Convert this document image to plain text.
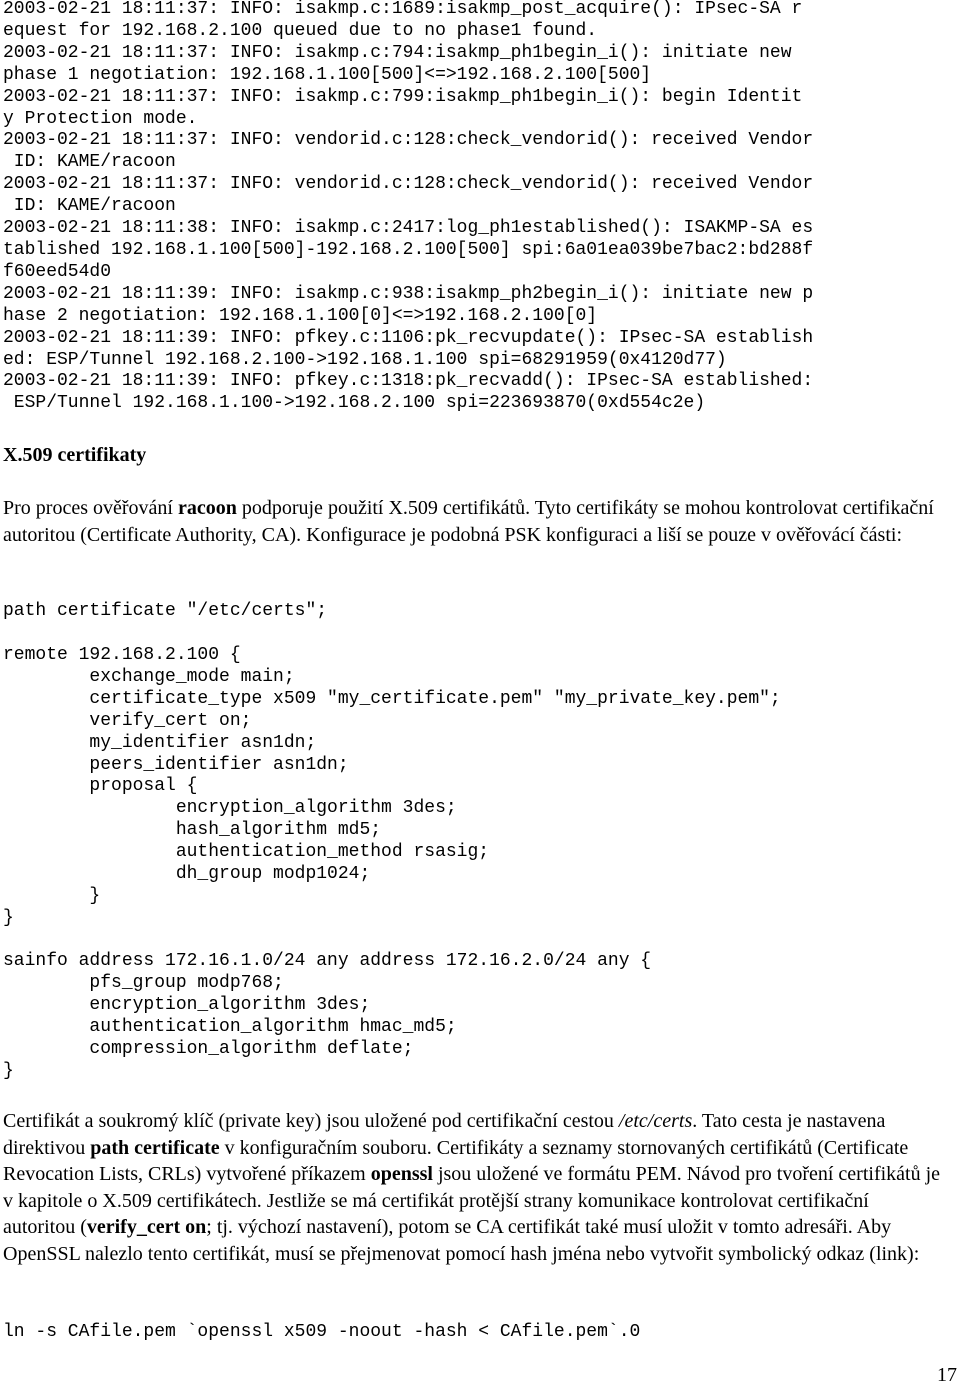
2003-02-21 18:11:37: INFO: isakmp.c:1689:isakmp_post_acquire(): IPsec-SA r
equest for 192.168.2.100 queued due to no phase1 found.
2003-02-21 18:11:37: INFO: isakmp.c:794:isakmp_ph1begin_i(): initiate new
phase 1 negotiation: 192.168.1.100[500]<=>192.168.2.100[500]
2003-02-21 18:11:37: INFO: isakmp.c:799:isakmp_ph1begin_i(): begin Identit
y Protection mode.
2003-02-21 18:11:37: INFO: vendorid.c:128:check_vendorid(): received Vendor
ID: KAME/racoon
2003-02-21 18:11:37: INFO: vendorid.c:128:check_vendorid(): received Vendor
ID: KAME/racoon
2003-02-21 18:11:38: INFO: isakmp.c:2417:log_ph1established(): ISAKMP-SA es
tablished 192.168.1.100[500]-192.168.2.100[500] spi:6a01ea039be7bac2:bd288f
f60eed54d0
2003-02-21 18:11:39: INFO: isakmp.c:938:isakmp_ph2begin_i(): initiate new p
hase 2 negotiation: 192.168.1.100[0]<=>192.168.2.100[0]
2003-02-21 18:11:39: INFO: pfkey.c:1106:pk_recvupdate(): IPsec-SA establish
ed: ESP/Tunnel 192.168.2.100->192.168.1.100 spi=68291959(0x4120d77)
2003-02-21 18:11:39: INFO: pfkey.c:1318:pk_recvadd(): IPsec-SA established:
ESP/Tunnel 192.168.1.100->192.168.2.100 spi=223693870(0xd554c2e)
X.509 certifikaty

Pro proces ověřování racoon podporuje použití X.509 certifikátů. Tyto certifikáty se mohou kontrolovat certifikační autoritou (Certificate Authority, CA). Konfigurace je podobná PSK konfiguraci a liší se pouze v ověřovácí části:

path certificate "/etc/certs";
remote 192.168.2.100 {
exchange_mode main;
certificate_type x509 "my_certificate.pem" "my_private_key.pem";
verify_cert on;
my_identifier asn1dn;
peers_identifier asn1dn;
proposal {
encryption_algorithm 3des;
hash_algorithm md5;
authentication_method rsasig;
dh_group modp1024;
}
}
sainfo address 172.16.1.0/24 any address 172.16.2.0/24 any {
pfs_group modp768;
encryption_algorithm 3des;
authentication_algorithm hmac_md5;
compression_algorithm deflate;
}

Certifikát a soukromý klíč (private key) jsou uložené pod certifikační cestou /etc/certs. Tato cesta je nastavena direktivou path certificate v konfiguračním souboru. Certifikáty a seznamy stornovaných certifikátů (Certificate Revocation Lists, CRLs) vytvořené příkazem openssl jsou uložené ve formátu PEM. Návod pro tvoření certifikátů je v kapitole o X.509 certifikátech. Jestliže se má certifikát protější strany komunikace kontrolovat certifikační autoritou (verify_cert on; tj. výchozí nastavení), potom se CA certifikát také musí uložit v tomto adresáři. Aby OpenSSL nalezlo tento certifikát, musí se přejmenovat pomocí hash jména nebo vytvořit symbolický odkaz (link):

ln -s CAfile.pem `openssl x509 -noout -hash < CAfile.pem`.0
17
